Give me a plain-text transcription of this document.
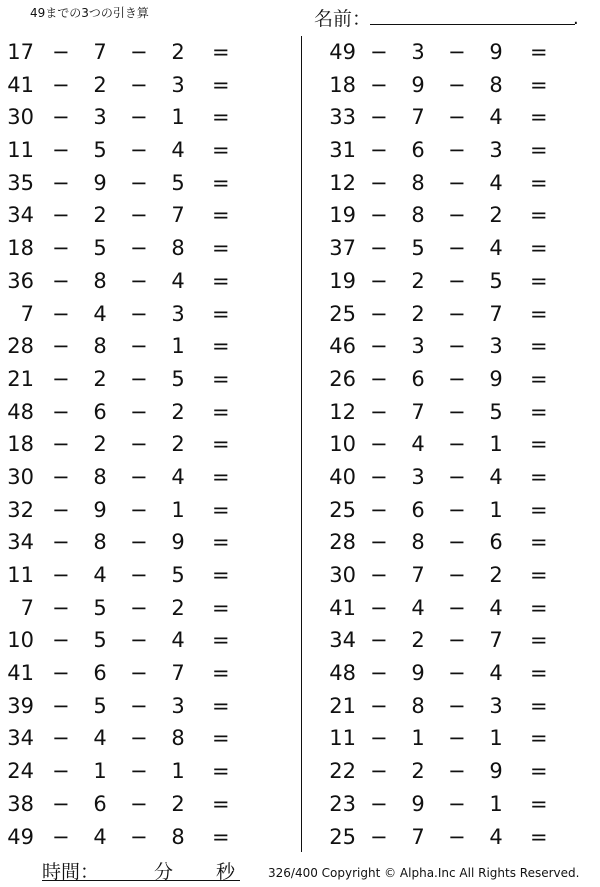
49までの3つの引き算	名前：	.
17 − 7 − 2 =
41 − 2 − 3 =
30 − 3 − 1 =
11 − 5 − 4 =
35 − 9 − 5 =
34 − 2 − 7 =
18 − 5 − 8 =
36 − 8 − 4 =
7 − 4 − 3 =
28 − 8 − 1 =
21 − 2 − 5 =
48 − 6 − 2 =
18 − 2 − 2 =
30 − 8 − 4 =
32 − 9 − 1 =
34 − 8 − 9 =
11 − 4 − 5 =
7 − 5 − 2 =
10 − 5 − 4 =
41 − 6 − 7 =
39 − 5 − 3 =
34 − 4 − 8 =
24 − 1 − 1 =
38 − 6 − 2 =
49 − 4 − 8 =
49 − 3 − 9 =
18 − 9 − 8 =
33 − 7 − 4 =
31 − 6 − 3 =
12 − 8 − 4 =
19 − 8 − 2 =
37 − 5 − 4 =
19 − 2 − 5 =
25 − 2 − 7 =
46 − 3 − 3 =
26 − 6 − 9 =
12 − 7 − 5 =
10 − 4 − 1 =
40 − 3 − 4 =
25 − 6 − 1 =
28 − 8 − 6 =
30 − 7 − 2 =
41 − 4 − 4 =
34 − 2 − 7 =
48 − 9 − 4 =
21 − 8 − 3 =
11 − 1 − 1 =
22 − 2 − 9 =
23 − 9 − 1 =
25 − 7 − 4 =
時間：	分 秒	326/400 Copyright © Alpha.Inc All Rights Reserved.
